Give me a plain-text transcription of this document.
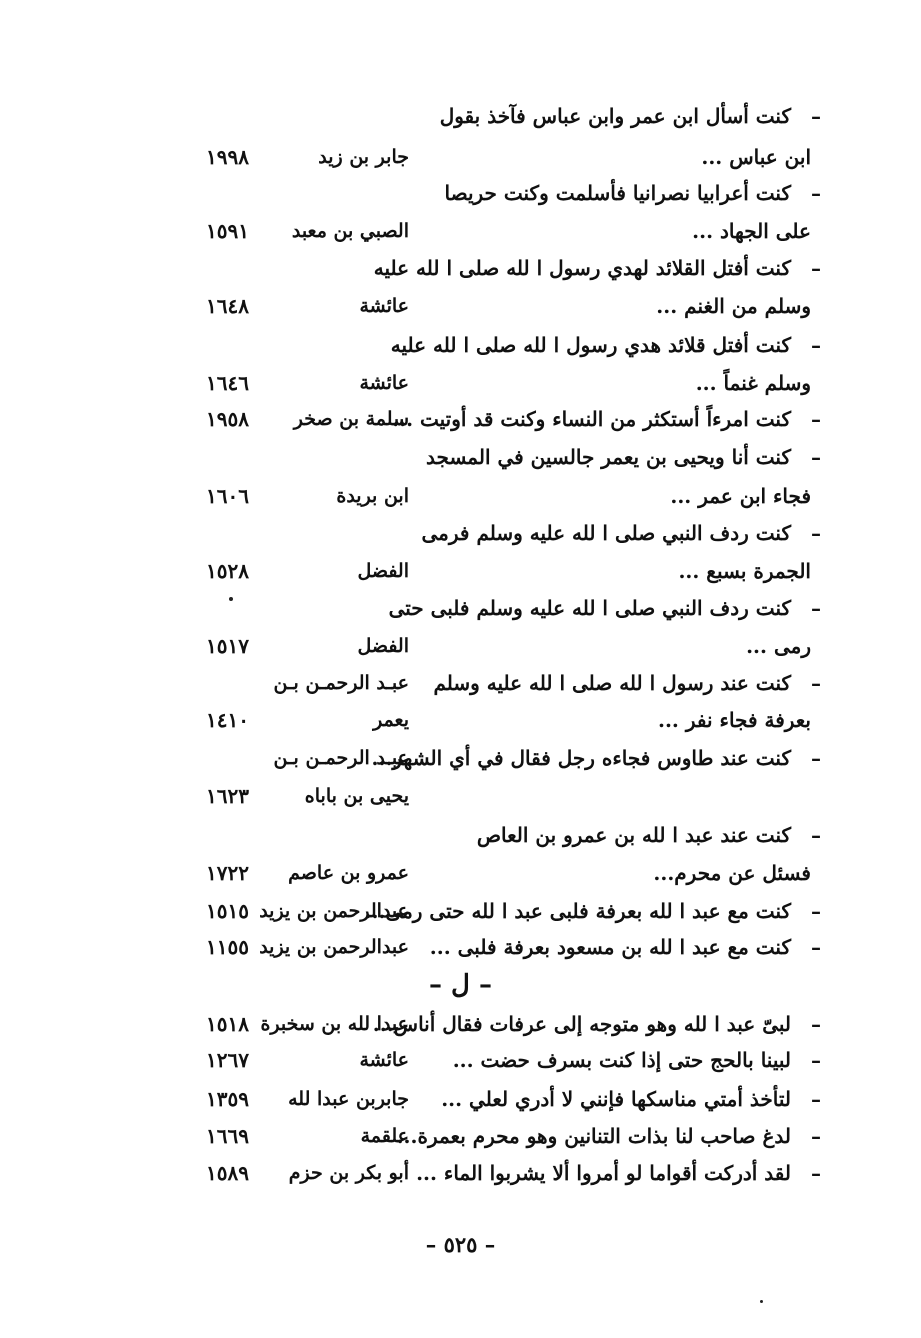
–
كنت أسأل ابن عمر وابن عباس فآخذ بقول
ابن عباس ...
جابر بن زيد
١٩٩٨
–
كنت أعرابيا نصرانيا فأسلمت وكنت حريصا
على الجهاد ...
الصبي بن معبد
١٥٩١
–
كنت أفتل القلائد لهدي رسول ا لله صلى ا لله عليه
وسلم من الغنم ...
عائشة
١٦٤٨
–
كنت أفتل قلائد هدي رسول ا لله صلى ا لله عليه
وسلم غنماً ...
عائشة
١٦٤٦
–
كنت امرءاً أستكثر من النساء وكنت قد أوتيت ...
سلمة بن صخر
١٩٥٨
–
كنت أنا ويحيى بن يعمر جالسين في المسجد
فجاء ابن عمر ...
ابن بريدة
١٦٠٦
–
كنت ردف النبي صلى ا لله عليه وسلم فرمى
الجمرة بسبع ...
الفضل
١٥٢٨
–
كنت ردف النبي صلى ا لله عليه وسلم فلبى حتى
رمى ...
الفضل
١٥١٧
–
كنت عند رسول ا لله صلى ا لله عليه وسلم
عبـد الرحمـن بـن
بعرفة فجاء نفر ...
يعمر
١٤١٠
–
كنت عند طاوس فجاءه رجل فقال في أي الشهر...
عبـد الرحمـن بـن
يحيى بن باباه
١٦٢٣
–
كنت عند عبد ا لله بن عمرو بن العاص
فسئل عن محرم...
عمرو بن عاصم
١٧٢٢
–
كنت مع عبد ا لله بعرفة فلبى عبد ا لله حتى رمى...
عبدالرحمن بن يزيد
١٥١٥
–
كنت مع عبد ا لله بن مسعود بعرفة فلبى ...
عبدالرحمن بن يزيد
١١٥٥
– ل –
–
لبىّ عبد ا لله وهو متوجه إلى عرفات فقال أناس...
عبدا لله بن سخبرة
١٥١٨
–
لبينا بالحج حتى إذا كنت بسرف حضت ...
عائشة
١٢٦٧
–
لتأخذ أمتي مناسكها فإنني لا أدري لعلي ...
جابربن عبدا لله
١٣٥٩
–
لدغ صاحب لنا بذات التنانين وهو محرم بعمرة...
علقمة
١٦٦٩
–
لقد أدركت أقواما لو أمروا ألا يشربوا الماء ...
أبو بكر بن حزم
١٥٨٩
– ٥٢٥ –
